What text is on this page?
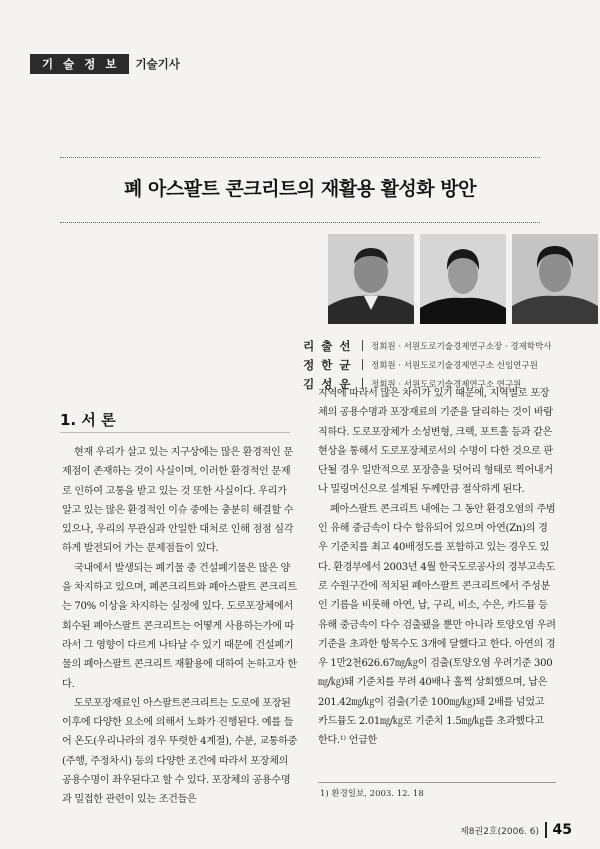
기 술 정 보	기술기사
폐 아스팔트 콘크리트의 재활용 활성화 방안
리 출 선 정회원 · 서원도로기술경제연구소장 · 경제학박사
정 한 균 정회원 · 서원도로기술경제연구소 선임연구원
김 성 운 정회원 · 서원도로기술경제연구소 연구원
1. 서 론

현재 우리가 살고 있는 지구상에는 많은 환경적인 문제점이 존재하는 것이 사실이며, 이러한 환경적인 문제로 인하여 고통을 받고 있는 것 또한 사실이다. 우리가 알고 있는 많은 환경적인 이슈 중에는 충분히 해결할 수 있으나, 우리의 무관심과 안일한 대처로 인해 점점 심각하게 발전되어 가는 문제점들이 있다.

국내에서 발생되는 폐기물 중 건설폐기물은 많은 양을 차지하고 있으며, 폐콘크리트와 폐아스팔트 콘크리트는 70% 이상을 차지하는 실정에 있다. 도로포장체에서 회수된 폐아스팔트 콘크리트는 어떻게 사용하는가에 따라서 그 영향이 다르게 나타날 수 있기 때문에 건설폐기물의 폐아스팔트 콘크리트 재활용에 대하여 논하고자 한다.

도로포장재료인 아스팔트콘크리트는 도로에 포장된 이후에 다양한 요소에 의해서 노화가 진행된다. 예를 들어 온도(우리나라의 경우 뚜렷한 4계절), 수분, 교통하중(주행, 주정차시) 등의 다양한 조건에 따라서 포장체의 공용수명이 좌우된다고 할 수 있다. 포장체의 공용수명과 밀접한 관련이 있는 조건들은

지역에 따라서 많은 차이가 있기 때문에, 지역별로 포장체의 공용수명과 포장재료의 기준을 달리하는 것이 바람직하다. 도로포장체가 소성변형, 크랙, 포트홀 등과 같은 현상을 통해서 도로포장체로서의 수명이 다한 것으로 판단될 경우 일반적으로 포장층을 덧어리 형태로 찍어내거나 밀링머신으로 설계된 두께만큼 절삭하게 된다.

폐아스팔트 콘크리트 내에는 그 동안 환경오염의 주범인 유해 중금속이 다수 함유되어 있으며 아연(Zn)의 경우 기준치를 최고 40배정도를 포함하고 있는 경우도 있다. 환경부에서 2003년 4월 한국도로공사의 경부고속도로 수원구간에 적치된 폐아스팔트 콘크리트에서 주성분인 기름을 비롯해 아연, 납, 구리, 비소, 수은, 카드뮴 등 유해 중금속이 다수 검출됐을 뿐만 아니라 토양오염 우려기준을 초과한 항목수도 3개에 달했다고 한다. 아연의 경우 1만2천626.67㎎/㎏이 검출(토양오염 우려기준 300㎎/㎏)돼 기준치를 무려 40배나 훌쩍 상회했으며, 납은 201.42㎎/㎏이 검출(기준 100㎎/㎏)돼 2배를 넘었고 카드뮴도 2.01㎎/㎏로 기준치 1.5㎎/㎏를 초과했다고 한다.¹⁾ 언급한

1) 환경일보, 2003. 12. 18
제8권2호(2006. 6) 45
